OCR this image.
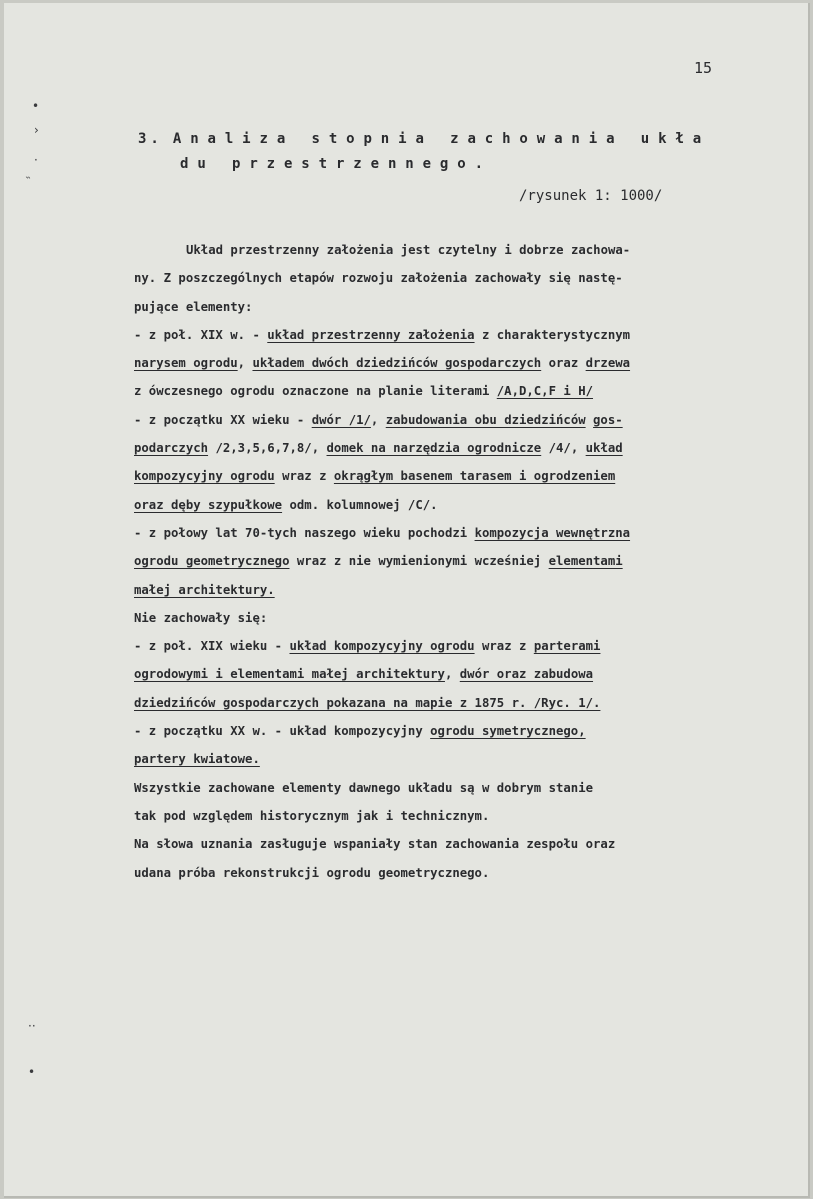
•
›
·
˵
··
•
15
3. Analiza stopnia zachowania ukła
du przestrzennego.
/rysunek 1: 1000/
Układ przestrzenny założenia jest czytelny i dobrze zachowa-
ny. Z poszczególnych etapów rozwoju założenia zachowały się nastę-
pujące elementy:
- z poł. XIX w. - układ przestrzenny założenia z charakterystycznym
narysem ogrodu, układem dwóch dziedzińców gospodarczych oraz drzewa
z ówczesnego ogrodu oznaczone na planie literami /A,D,C,F i H/
- z początku XX wieku - dwór /1/, zabudowania obu dziedzińców gos-
podarczych /2,3,5,6,7,8/, domek na narzędzia ogrodnicze /4/, układ
kompozycyjny ogrodu wraz z okrągłym basenem tarasem i ogrodzeniem
oraz dęby szypułkowe odm. kolumnowej /C/.
- z połowy lat 70-tych naszego wieku pochodzi kompozycja wewnętrzna
ogrodu geometrycznego wraz z nie wymienionymi wcześniej elementami
małej architektury.
Nie zachowały się:
- z poł. XIX wieku - układ kompozycyjny ogrodu wraz z parterami
ogrodowymi i elementami małej architektury, dwór oraz zabudowa
dziedzińców gospodarczych pokazana na mapie z 1875 r. /Ryc. 1/.
- z początku XX w. - układ kompozycyjny ogrodu symetrycznego,
partery kwiatowe.
Wszystkie zachowane elementy dawnego układu są w dobrym stanie
tak pod względem historycznym jak i technicznym.
Na słowa uznania zasługuje wspaniały stan zachowania zespołu oraz
udana próba rekonstrukcji ogrodu geometrycznego.
